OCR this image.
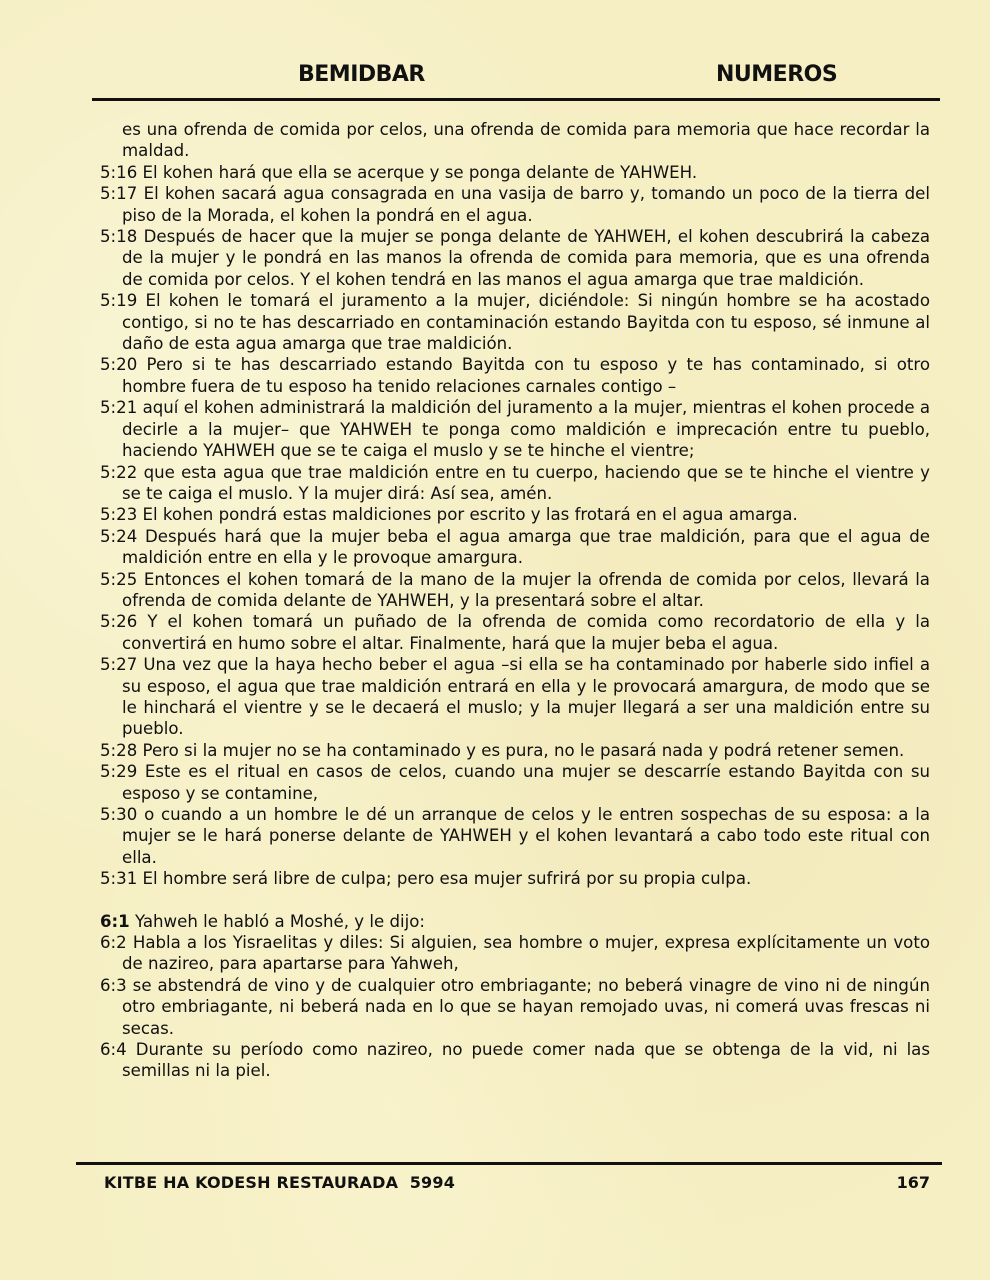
BEMIDBAR	NUMEROS

es una ofrenda de comida por celos, una ofrenda de comida para memoria que hace recordar la maldad.

5:16 El kohen hará que ella se acerque y se ponga delante de YAHWEH.

5:17 El kohen sacará agua consagrada en una vasija de barro y, tomando un poco de la tierra del piso de la Morada, el kohen la pondrá en el agua.

5:18 Después de hacer que la mujer se ponga delante de YAHWEH, el kohen descubrirá la cabeza de la mujer y le pondrá en las manos la ofrenda de comida para memoria, que es una ofrenda de comida por celos. Y el kohen tendrá en las manos el agua amarga que trae maldición.

5:19 El kohen le tomará el juramento a la mujer, diciéndole: Si ningún hombre se ha acostado contigo, si no te has descarriado en contaminación estando Bayitda con tu esposo, sé inmune al daño de esta agua amarga que trae maldición.

5:20 Pero si te has descarriado estando Bayitda con tu esposo y te has contaminado, si otro hombre fuera de tu esposo ha tenido relaciones carnales contigo –

5:21 aquí el kohen administrará la maldición del juramento a la mujer, mientras el kohen procede a decirle a la mujer– que YAHWEH te ponga como maldición e imprecación entre tu pueblo, haciendo YAHWEH que se te caiga el muslo y se te hinche el vientre;

5:22 que esta agua que trae maldición entre en tu cuerpo, haciendo que se te hinche el vientre y se te caiga el muslo. Y la mujer dirá: Así sea, amén.

5:23 El kohen pondrá estas maldiciones por escrito y las frotará en el agua amarga.

5:24 Después hará que la mujer beba el agua amarga que trae maldición, para que el agua de maldición entre en ella y le provoque amargura.

5:25 Entonces el kohen tomará de la mano de la mujer la ofrenda de comida por celos, llevará la ofrenda de comida delante de YAHWEH, y la presentará sobre el altar.

5:26 Y el kohen tomará un puñado de la ofrenda de comida como recordatorio de ella y la convertirá en humo sobre el altar. Finalmente, hará que la mujer beba el agua.

5:27 Una vez que la haya hecho beber el agua –si ella se ha contaminado por haberle sido infiel a su esposo, el agua que trae maldición entrará en ella y le provocará amargura, de modo que se le hinchará el vientre y se le decaerá el muslo; y la mujer llegará a ser una maldición entre su pueblo.

5:28 Pero si la mujer no se ha contaminado y es pura, no le pasará nada y podrá retener semen.

5:29 Este es el ritual en casos de celos, cuando una mujer se descarríe estando Bayitda con su esposo y se contamine,

5:30 o cuando a un hombre le dé un arranque de celos y le entren sospechas de su esposa: a la mujer se le hará ponerse delante de YAHWEH y el kohen levantará a cabo todo este ritual con ella.

5:31 El hombre será libre de culpa; pero esa mujer sufrirá por su propia culpa.

6:1 Yahweh le habló a Moshé, y le dijo:

6:2 Habla a los Yisraelitas y diles: Si alguien, sea hombre o mujer, expresa explícitamente un voto de nazireo, para apartarse para Yahweh,

6:3 se abstendrá de vino y de cualquier otro embriagante; no beberá vinagre de vino ni de ningún otro embriagante, ni beberá nada en lo que se hayan remojado uvas, ni comerá uvas frescas ni secas.

6:4 Durante su período como nazireo, no puede comer nada que se obtenga de la vid, ni las semillas ni la piel.

KITBE HA KODESH RESTAURADA  5994	167
